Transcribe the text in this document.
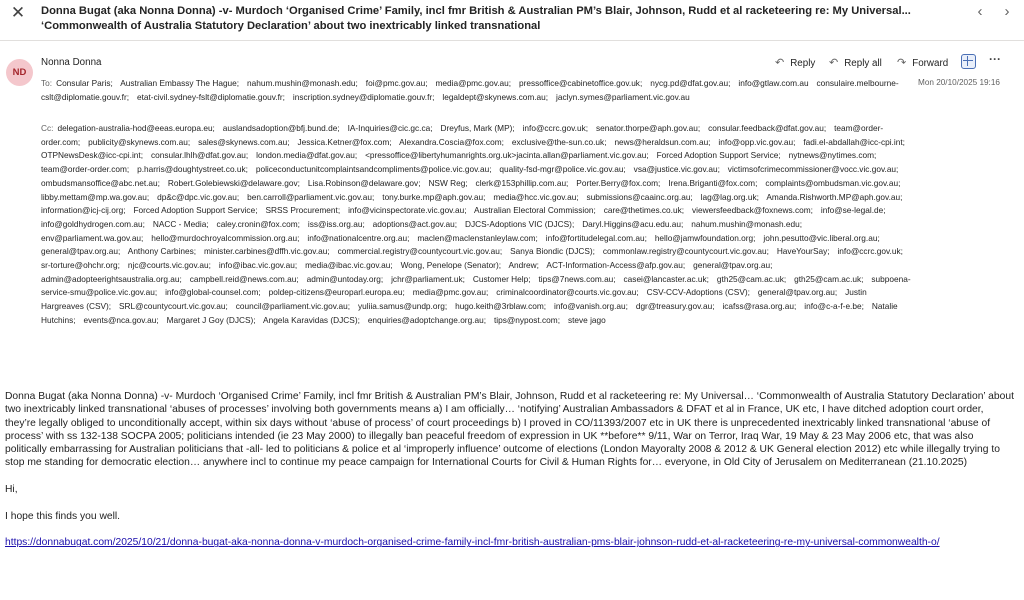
✕ Donna Bugat (aka Nonna Donna) -v- Murdoch ‘Organised Crime’ Family, incl fmr British & Australian PM’s Blair, Johnson, Rudd et al racketeering re: My Universal... ‘Commonwealth of Australia Statutory Declaration’ about two inextricably linked transnational
‹	›
ND
Nonna Donna	↶ Reply ↶ Reply all ↷ Forward	···
Mon 20/10/2025 19:16
To: Consular Paris; Australian Embassy The Hague; nahum.mushin@monash.edu; foi@pmc.gov.au; media@pmc.gov.au; pressoffice@cabinetoffice.gov.uk; nycg.pd@dfat.gov.au; info@gtlaw.com.au consulaire.melbourne-cslt@diplomatie.gouv.fr; etat-civil.sydney-fslt@diplomatie.gouv.fr; inscription.sydney@diplomatie.gouv.fr; legaldept@skynews.com.au; jaclyn.symes@parliament.vic.gov.au
Cc: delegation-australia-hod@eeas.europa.eu; auslandsadoption@bfj.bund.de; IA-Inquiries@cic.gc.ca; Dreyfus, Mark (MP); info@ccrc.gov.uk; senator.thorpe@aph.gov.au; consular.feedback@dfat.gov.au; team@order-order.com; publicity@skynews.com.au; sales@skynews.com.au; Jessica.Ketner@fox.com; Alexandra.Coscia@fox.com; exclusive@the-sun.co.uk; news@heraldsun.com.au; info@opp.vic.gov.au; fadi.el-abdallah@icc-cpi.int;   OTPNewsDesk@icc-cpi.int; consular.lhlh@dfat.gov.au; london.media@dfat.gov.au; <pressoffice@libertyhumanrights.org.uk>jacinta.allan@parliament.vic.gov.au; Forced Adoption Support Service; nytnews@nytimes.com;   team@order-order.com; p.harris@doughtystreet.co.uk; policeconductunitcomplaintsandcompliments@police.vic.gov.au; quality-fsd-mgr@police.vic.gov.au; vsa@justice.vic.gov.au; victimsofcrimecommissioner@vocc.vic.gov.au;   ombudsmansoffice@abc.net.au; Robert.Golebiewski@delaware.gov; Lisa.Robinson@delaware.gov; NSW Reg; clerk@153phillip.com.au; Porter.Berry@fox.com; Irena.Briganti@fox.com; complaints@ombudsman.vic.gov.au;   libby.mettam@mp.wa.gov.au; dp&c@dpc.vic.gov.au; ben.carroll@parliament.vic.gov.au; tony.burke.mp@aph.gov.au; media@hcc.vic.gov.au; submissions@caainc.org.au; lag@lag.org.uk; Amanda.Rishworth.MP@aph.gov.au;   information@icj-cij.org; Forced Adoption Support Service; SRSS Procurement; info@vicinspectorate.vic.gov.au; Australian Electoral Commission; care@thetimes.co.uk; viewersfeedback@foxnews.com; info@se-legal.de;   info@goldhydrogen.com.au; NACC - Media; caley.cronin@fox.com; iss@iss.org.au; adoptions@act.gov.au; DJCS-Adoptions VIC (DJCS); Daryl.Higgins@acu.edu.au; nahum.mushin@monash.edu;   env@parliament.wa.gov.au; hello@murdochroyalcommission.org.au; info@nationalcentre.org.au; maclen@maclenstanleylaw.com; info@fortitudelegal.com.au; hello@jamwfoundation.org; john.pesutto@vic.liberal.org.au;   general@tpav.org.au; Anthony Carbines; minister.carbines@dffh.vic.gov.au; commercial.registry@countycourt.vic.gov.au; Sanya Biondic (DJCS); commonlaw.registry@countycourt.vic.gov.au; HaveYourSay; info@ccrc.gov.uk;   sr-torture@ohchr.org; njc@courts.vic.gov.au; info@ibac.vic.gov.au; media@ibac.vic.gov.au; Wong, Penelope (Senator); Andrew; ACT-Information-Access@afp.gov.au; general@tpav.org.au;   admin@adopteerightsaustralia.org.au; campbell.reid@news.com.au; admin@untoday.org; jchr@parliament.uk; Customer Help; tips@7news.com.au; casei@lancaster.ac.uk; gth25@cam.ac.uk; gth25@cam.ac.uk; subpoena-service-smu@police.vic.gov.au; info@global-counsel.com; poldep-citizens@europarl.europa.eu; media@pmc.gov.au; criminalcoordinator@courts.vic.gov.au; CSV-CCV-Adoptions (CSV); general@tpav.org.au; Justin Hargreaves (CSV); SRL@countycourt.vic.gov.au; council@parliament.vic.gov.au; yuliia.samus@undp.org; hugo.keith@3rblaw.com; info@vanish.org.au; dgr@treasury.gov.au; icafss@rasa.org.au; info@c-a-f-e.be; Natalie Hutchins; events@nca.gov.au; Margaret J Goy (DJCS); Angela Karavidas (DJCS); enquiries@adoptchange.org.au; tips@nypost.com; steve jago
Donna Bugat (aka Nonna Donna) -v- Murdoch ‘Organised Crime’ Family, incl fmr British & Australian PM’s Blair, Johnson, Rudd et al racketeering re: My Universal… ‘Commonwealth of Australia Statutory Declaration’ about two inextricably linked transnational ‘abuses of processes’ involving both governments means a) I am officially… ‘notifying’ Australian Ambassadors & DFAT et al in France, UK etc, I have ditched adoption court order, they’re legally obliged to unconditionally accept, within six days without ‘abuse of process’ of court proceedings b) I proved in CO/11393/2007 etc in UK there is unprecedented inextricably linked transnational ‘abuse of process’ with ss 132-138 SOCPA 2005; politicians intended (ie 23 May 2000) to illegally ban peaceful freedom of expression in UK **before** 9/11, War on Terror, Iraq War, 19 May & 23 May 2006 etc, that was also politically embarrassing for Australian politicians that -all- led to politicians & police et al ‘improperly influence’ outcome of elections (London Mayoralty 2008 & 2012 & UK General election 2012) etc while illegally trying to stop me standing for democratic election… anywhere incl to continue my peace campaign for International Courts for Civil & Human Rights for… everyone, in Old City of Jerusalem on Mediterranean (21.10.2025)
Hi,
I hope this finds you well.
https://donnabugat.com/2025/10/21/donna-bugat-aka-nonna-donna-v-murdoch-organised-crime-family-incl-fmr-british-australian-pms-blair-johnson-rudd-et-al-racketeering-re-my-universal-commonwealth-o/
